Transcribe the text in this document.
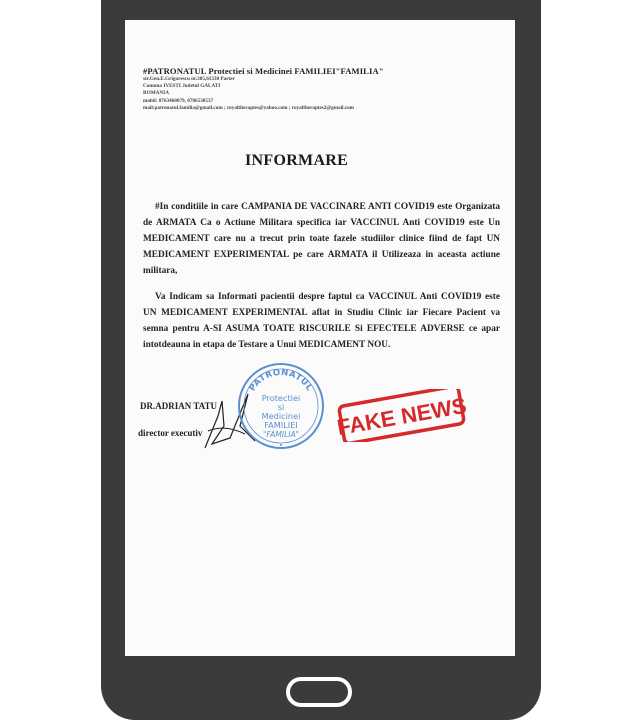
#PATRONATUL Protectiei si Medicinei FAMILIEI"FAMILIA"
str.Gen.E.Grigorescu nr.305,61330 Parter
Comuna IVESTI Judetul GALATI
ROMANIA
mobil: 0763460079, 0786530537
mail:patronatul.familia@gmail.com ; royaltherapies@yahoo.com ; royaltherapies2@gmail.com
INFORMARE
#In conditiile in care CAMPANIA DE VACCINARE ANTI COVID19 este Organizata de ARMATA Ca o Actiune Militara specifica iar VACCINUL Anti COVID19 este Un MEDICAMENT care nu a trecut prin toate fazele studiilor clinice fiind de fapt UN MEDICAMENT EXPERIMENTAL pe care ARMATA il Utilizeaza in aceasta actiune militara,
Va Indicam sa Informati pacientii despre faptul ca VACCINUL Anti COVID19 este UN MEDICAMENT EXPERIMENTAL aflat in Studiu Clinic iar Fiecare Pacient va semna pentru A-SI ASUMA TOATE RISCURILE Si EFECTELE ADVERSE ce apar intotdeauna in etapa de Testare a Unui MEDICAMENT NOU.
DR.ADRIAN TATU
director executiv
PATRONATUL
Protectiei
si
Medicinei
FAMILIEI
"FAMILIA" FAKE NEWS
